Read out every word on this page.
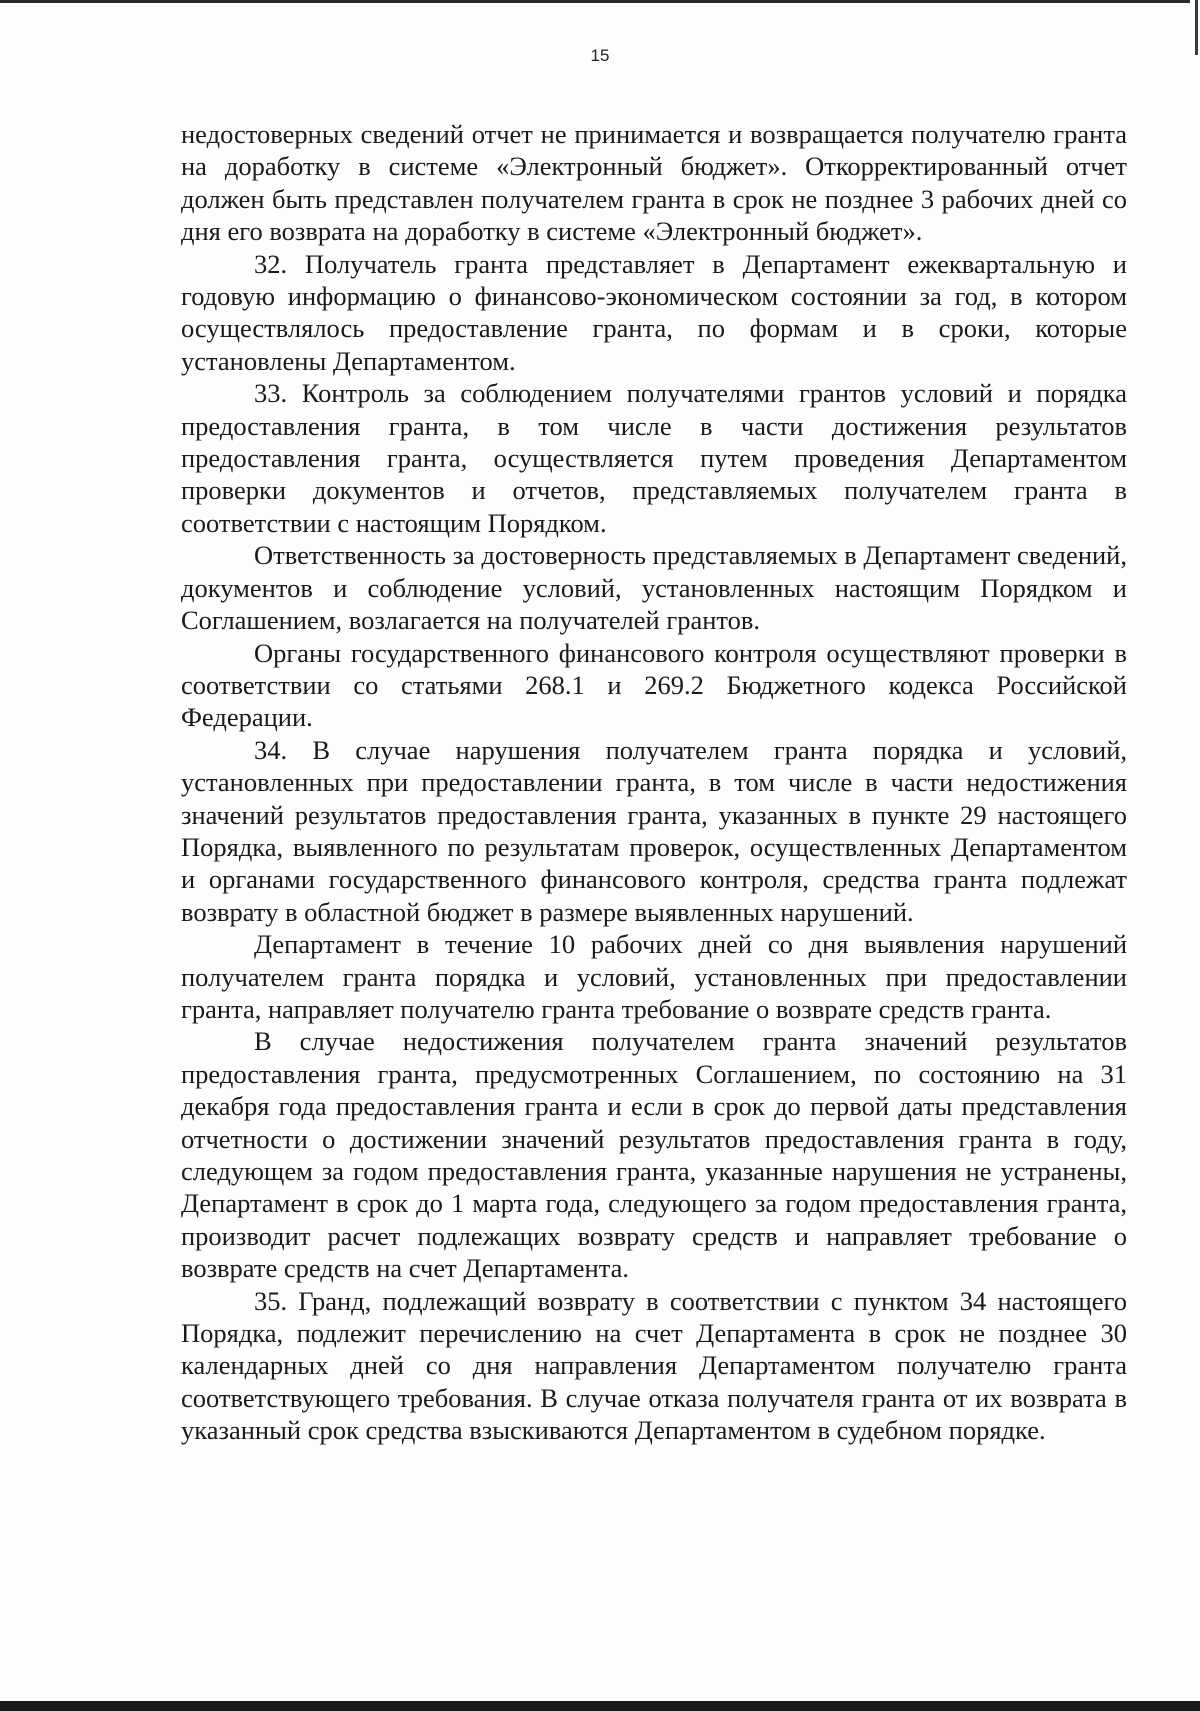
15

недостоверных сведений отчет не принимается и возвращается получателю гранта на доработку в системе «Электронный бюджет». Откорректированный отчет должен быть представлен получателем гранта в срок не позднее 3 рабочих дней со дня его возврата на доработку в системе «Электронный бюджет».

32. Получатель гранта представляет в Департамент ежеквартальную и годовую информацию о финансово-экономическом состоянии за год, в котором осуществлялось предоставление гранта, по формам и в сроки, которые установлены Департаментом.

33. Контроль за соблюдением получателями грантов условий и порядка предоставления гранта, в том числе в части достижения результатов предоставления гранта, осуществляется путем проведения Департаментом проверки документов и отчетов, представляемых получателем гранта в соответствии с настоящим Порядком.

Ответственность за достоверность представляемых в Департамент сведений, документов и соблюдение условий, установленных настоящим Порядком и Соглашением, возлагается на получателей грантов.

Органы государственного финансового контроля осуществляют проверки в соответствии со статьями 268.1 и 269.2 Бюджетного кодекса Российской Федерации.

34. В случае нарушения получателем гранта порядка и условий, установленных при предоставлении гранта, в том числе в части недостижения значений результатов предоставления гранта, указанных в пункте 29 настоящего Порядка, выявленного по результатам проверок, осуществленных Департаментом и органами государственного финансового контроля, средства гранта подлежат возврату в областной бюджет в размере выявленных нарушений.

Департамент в течение 10 рабочих дней со дня выявления нарушений получателем гранта порядка и условий, установленных при предоставлении гранта, направляет получателю гранта требование о возврате средств гранта.

В случае недостижения получателем гранта значений результатов предоставления гранта, предусмотренных Соглашением, по состоянию на 31 декабря года предоставления гранта и если в срок до первой даты представления отчетности о достижении значений результатов предоставления гранта в году, следующем за годом предоставления гранта, указанные нарушения не устранены, Департамент в срок до 1 марта года, следующего за годом предоставления гранта, производит расчет подлежащих возврату средств и направляет требование о возврате средств на счет Департамента.

35. Гранд, подлежащий возврату в соответствии с пунктом 34 настоящего Порядка, подлежит перечислению на счет Департамента в срок не позднее 30 календарных дней со дня направления Департаментом получателю гранта соответствующего требования. В случае отказа получателя гранта от их возврата в указанный срок средства взыскиваются Департаментом в судебном порядке.
